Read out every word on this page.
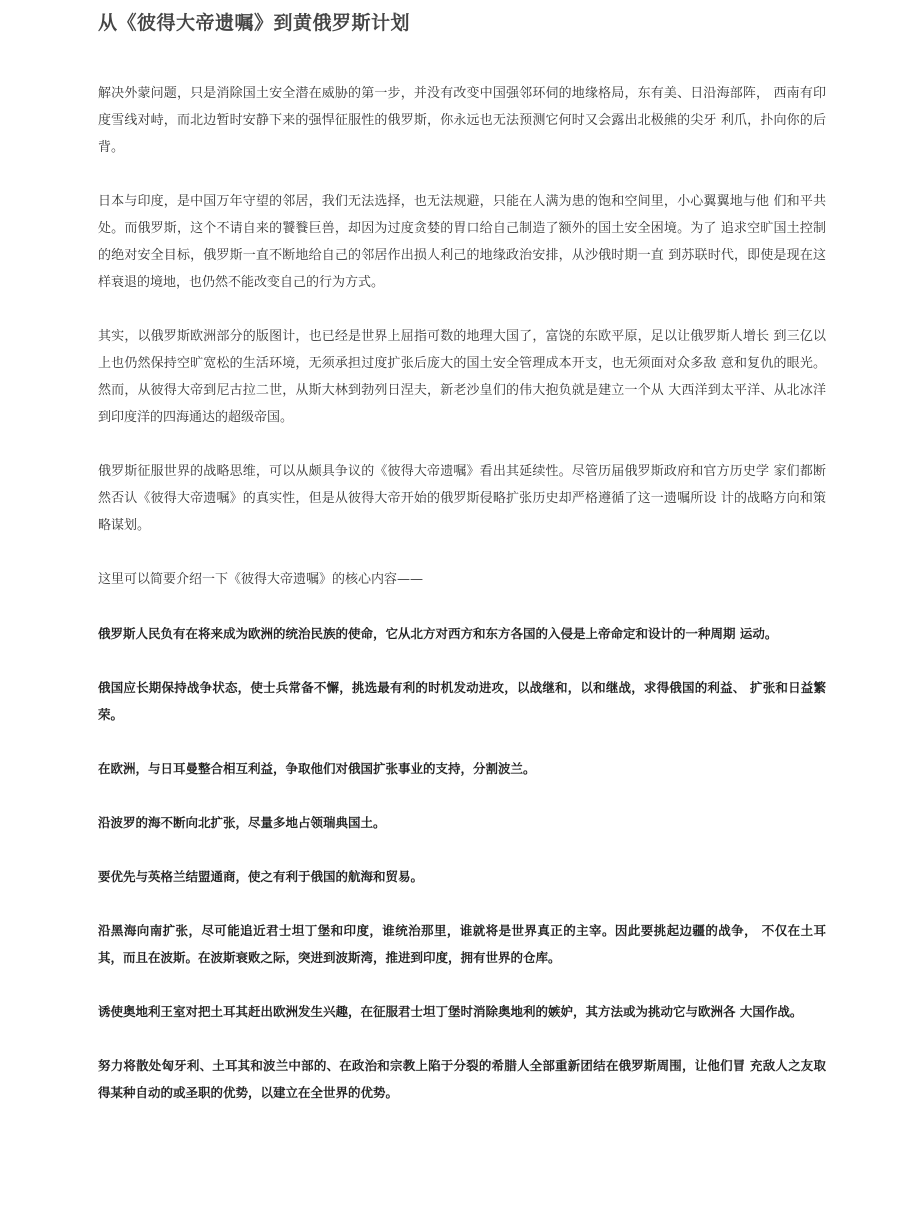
从《彼得大帝遗嘱》到黄俄罗斯计划

解决外蒙问题，只是消除国土安全潜在威胁的第一步，并没有改变中国强邻环伺的地缘格局，东有美、日沿海部阵， 西南有印度雪线对峙，而北边暂时安静下来的强悍征服性的俄罗斯，你永远也无法预测它何时又会露出北极熊的尖牙 利爪，扑向你的后背。

日本与印度，是中国万年守望的邻居，我们无法选择，也无法规避，只能在人满为患的饱和空间里，小心翼翼地与他 们和平共处。而俄罗斯，这个不请自来的饕餮巨兽，却因为过度贪婪的胃口给自己制造了额外的国土安全困境。为了 追求空旷国土控制的绝对安全目标，俄罗斯一直不断地给自己的邻居作出损人利己的地缘政治安排，从沙俄时期一直 到苏联时代，即使是现在这样衰退的境地，也仍然不能改变自己的行为方式。

其实，以俄罗斯欧洲部分的版图计，也已经是世界上屈指可数的地理大国了，富饶的东欧平原，足以让俄罗斯人增长 到三亿以上也仍然保持空旷宽松的生活环境，无须承担过度扩张后庞大的国土安全管理成本开支，也无须面对众多敌 意和复仇的眼光。然而，从彼得大帝到尼古拉二世，从斯大林到勃列日涅夫，新老沙皇们的伟大抱负就是建立一个从 大西洋到太平洋、从北冰洋到印度洋的四海通达的超级帝国。

俄罗斯征服世界的战略思维，可以从颇具争议的《彼得大帝遗嘱》看出其延续性。尽管历届俄罗斯政府和官方历史学 家们都断然否认《彼得大帝遗嘱》的真实性，但是从彼得大帝开始的俄罗斯侵略扩张历史却严格遵循了这一遗嘱所设 计的战略方向和策略谋划。

这里可以简要介绍一下《彼得大帝遗嘱》的核心内容——

俄罗斯人民负有在将来成为欧洲的统治民族的使命，它从北方对西方和东方各国的入侵是上帝命定和设计的一种周期 运动。

俄国应长期保持战争状态，使士兵常备不懈，挑选最有利的时机发动进攻，以战继和，以和继战，求得俄国的利益、 扩张和日益繁荣。

在欧洲，与日耳曼整合相互利益，争取他们对俄国扩张事业的支持，分割波兰。

沿波罗的海不断向北扩张，尽量多地占领瑞典国土。

要优先与英格兰结盟通商，使之有利于俄国的航海和贸易。

沿黑海向南扩张，尽可能追近君士坦丁堡和印度，谁统治那里，谁就将是世界真正的主宰。因此要挑起边疆的战争， 不仅在土耳其，而且在波斯。在波斯衰败之际，突进到波斯湾，推进到印度，拥有世界的仓库。

诱使奥地利王室对把土耳其赶出欧洲发生兴趣，在征服君士坦丁堡时消除奥地利的嫉妒，其方法或为挑动它与欧洲各 大国作战。

努力将散处匈牙利、土耳其和波兰中部的、在政治和宗教上陷于分裂的希腊人全部重新团结在俄罗斯周围，让他们冒 充敌人之友取得某种自动的或圣职的优势，以建立在全世界的优势。
